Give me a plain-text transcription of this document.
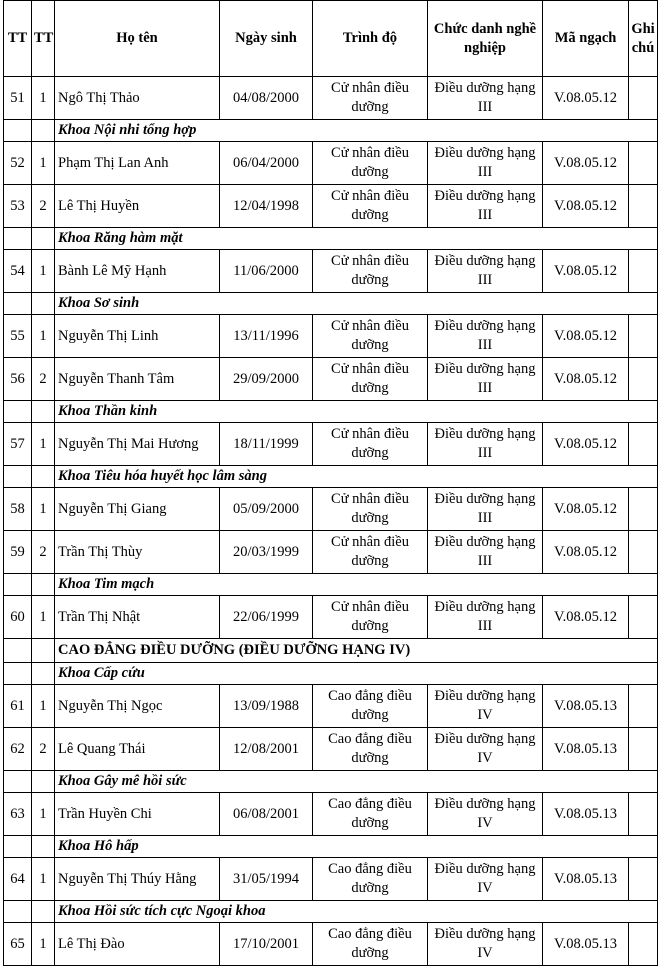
TT	TT	Họ tên	Ngày sinh	Trình độ	Chức danh nghề nghiệp	Mã ngạch	Ghi chú
51	1	Ngô Thị Thảo	04/08/2000	Cử nhân điều dưỡng	Điều dưỡng hạng III	V.08.05.12	
		Khoa Nội nhi tổng hợp					
52	1	Phạm Thị Lan Anh	06/04/2000	Cử nhân điều dưỡng	Điều dưỡng hạng III	V.08.05.12	
53	2	Lê Thị Huyền	12/04/1998	Cử nhân điều dưỡng	Điều dưỡng hạng III	V.08.05.12	
		Khoa Răng hàm mặt					
54	1	Bành Lê Mỹ Hạnh	11/06/2000	Cử nhân điều dưỡng	Điều dưỡng hạng III	V.08.05.12	
		Khoa Sơ sinh					
55	1	Nguyễn Thị Linh	13/11/1996	Cử nhân điều dưỡng	Điều dưỡng hạng III	V.08.05.12	
56	2	Nguyễn Thanh Tâm	29/09/2000	Cử nhân điều dưỡng	Điều dưỡng hạng III	V.08.05.12	
		Khoa Thần kinh					
57	1	Nguyễn Thị Mai Hương	18/11/1999	Cử nhân điều dưỡng	Điều dưỡng hạng III	V.08.05.12	
		Khoa Tiêu hóa huyết học lâm sàng					
58	1	Nguyễn Thị Giang	05/09/2000	Cử nhân điều dưỡng	Điều dưỡng hạng III	V.08.05.12	
59	2	Trần Thị Thùy	20/03/1999	Cử nhân điều dưỡng	Điều dưỡng hạng III	V.08.05.12	
		Khoa Tim mạch					
60	1	Trần Thị Nhật	22/06/1999	Cử nhân điều dưỡng	Điều dưỡng hạng III	V.08.05.12	
		CAO ĐẲNG ĐIỀU DƯỠNG (ĐIỀU DƯỠNG HẠNG IV)					
		Khoa Cấp cứu					
61	1	Nguyễn Thị Ngọc	13/09/1988	Cao đẳng điều dưỡng	Điều dưỡng hạng IV	V.08.05.13	
62	2	Lê Quang Thái	12/08/2001	Cao đẳng điều dưỡng	Điều dưỡng hạng IV	V.08.05.13	
		Khoa Gây mê hồi sức					
63	1	Trần Huyền Chi	06/08/2001	Cao đẳng điều dưỡng	Điều dưỡng hạng IV	V.08.05.13	
		Khoa Hô hấp					
64	1	Nguyễn Thị Thúy Hằng	31/05/1994	Cao đẳng điều dưỡng	Điều dưỡng hạng IV	V.08.05.13	
		Khoa Hồi sức tích cực Ngoại khoa					
65	1	Lê Thị Đào	17/10/2001	Cao đẳng điều dưỡng	Điều dưỡng hạng IV	V.08.05.13	
